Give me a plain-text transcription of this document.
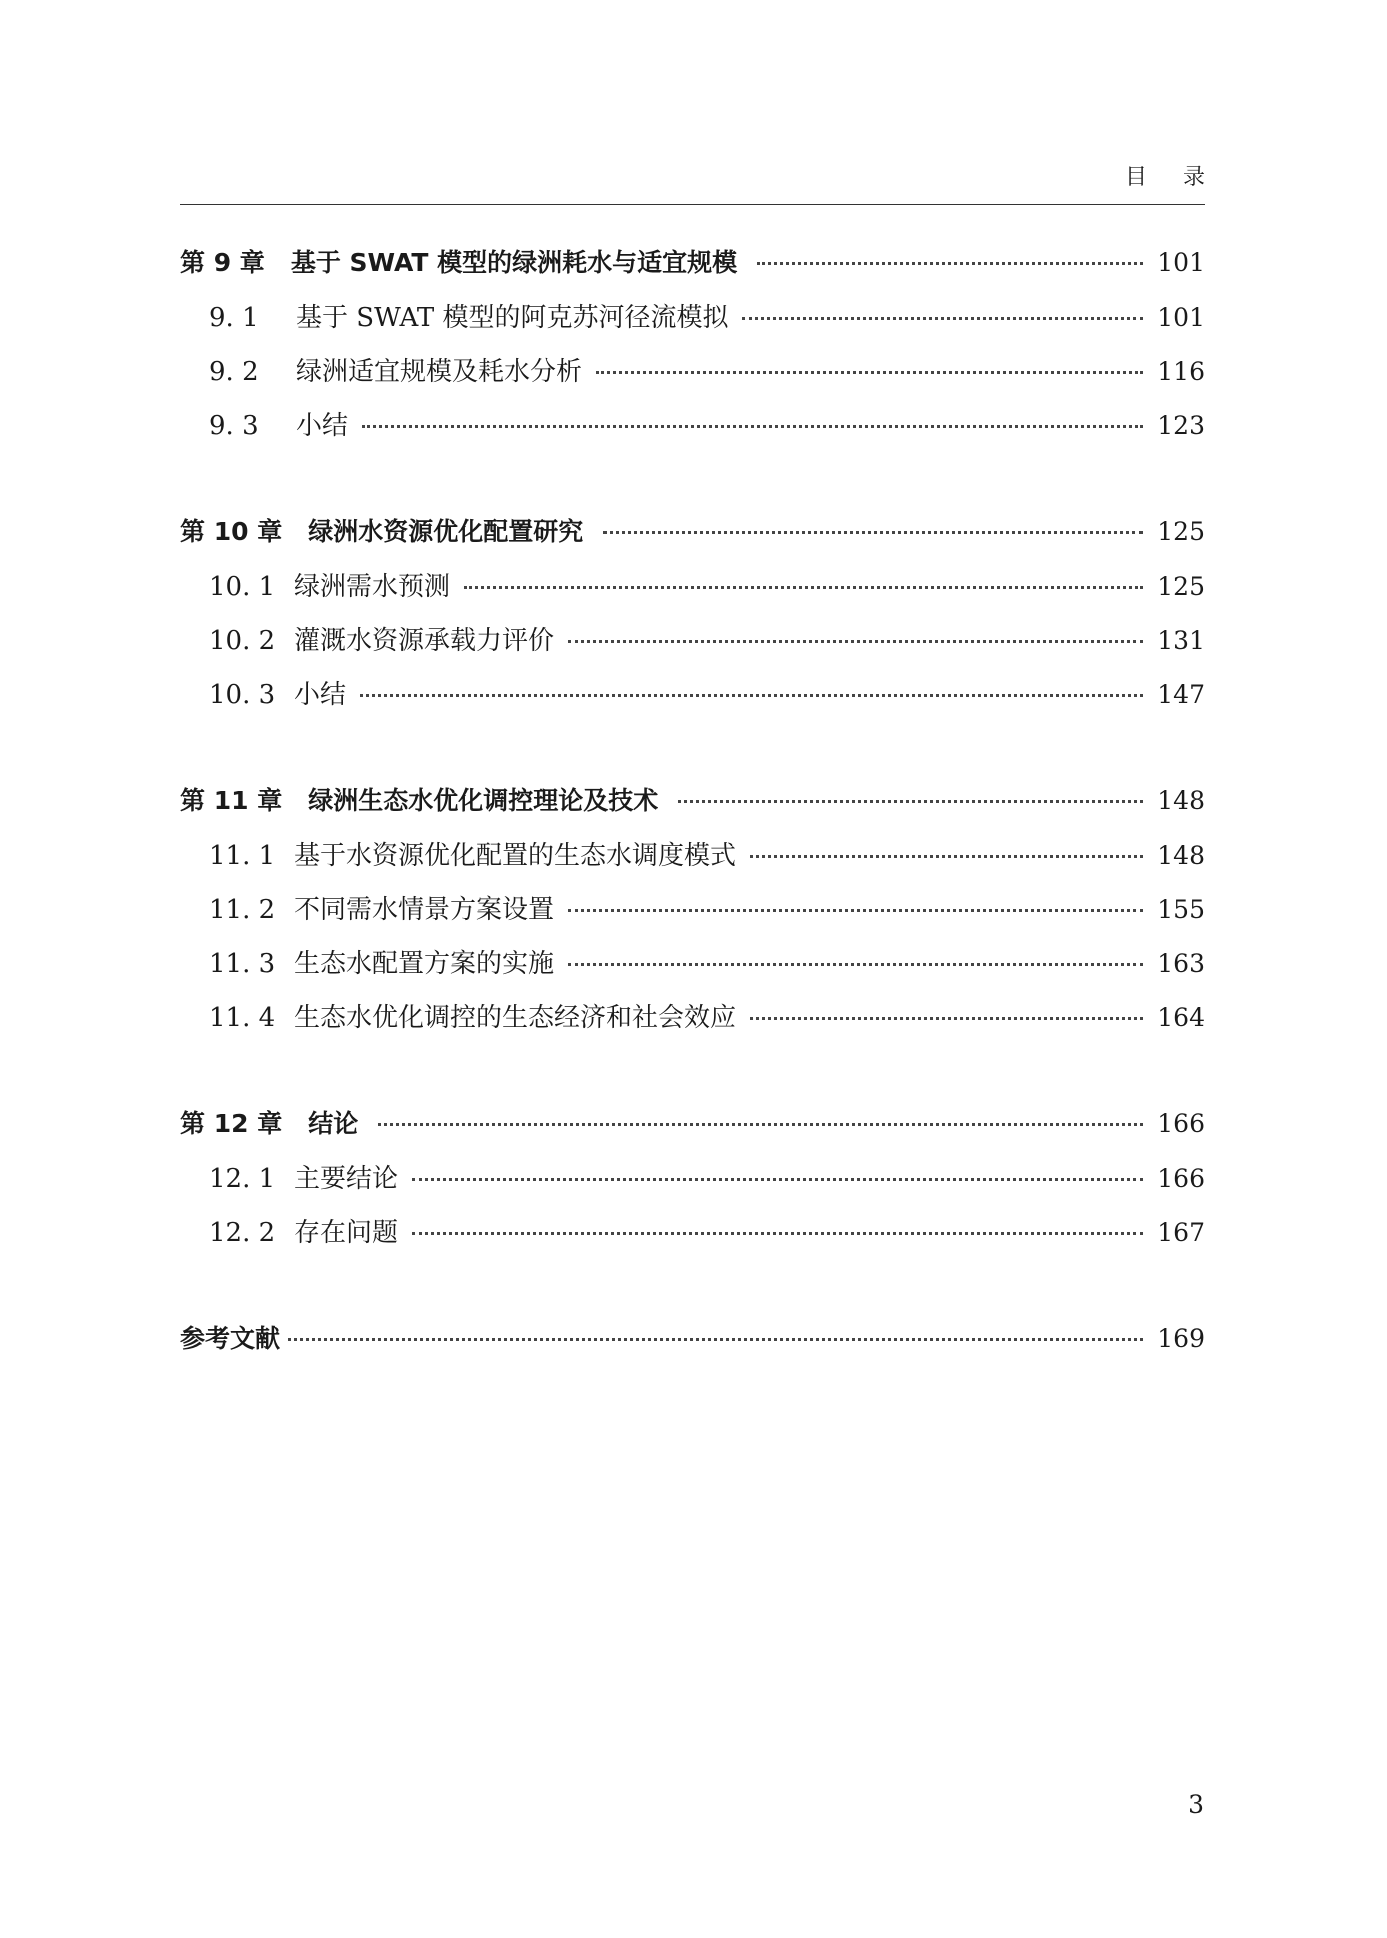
目录
第 9 章 基于 SWAT 模型的绿洲耗水与适宜规模	101
9. 1	基于 SWAT 模型的阿克苏河径流模拟	101
9. 2	绿洲适宜规模及耗水分析	116
9. 3	小结	123
第 10 章 绿洲水资源优化配置研究	125
10. 1 绿洲需水预测	125
10. 2 灌溉水资源承载力评价	131
10. 3 小结	147
第 11 章 绿洲生态水优化调控理论及技术	148
11. 1 基于水资源优化配置的生态水调度模式	148
11. 2 不同需水情景方案设置	155
11. 3 生态水配置方案的实施	163
11. 4 生态水优化调控的生态经济和社会效应	164
第 12 章 结论	166
12. 1 主要结论	166
12. 2 存在问题	167
参考文献	169
3
